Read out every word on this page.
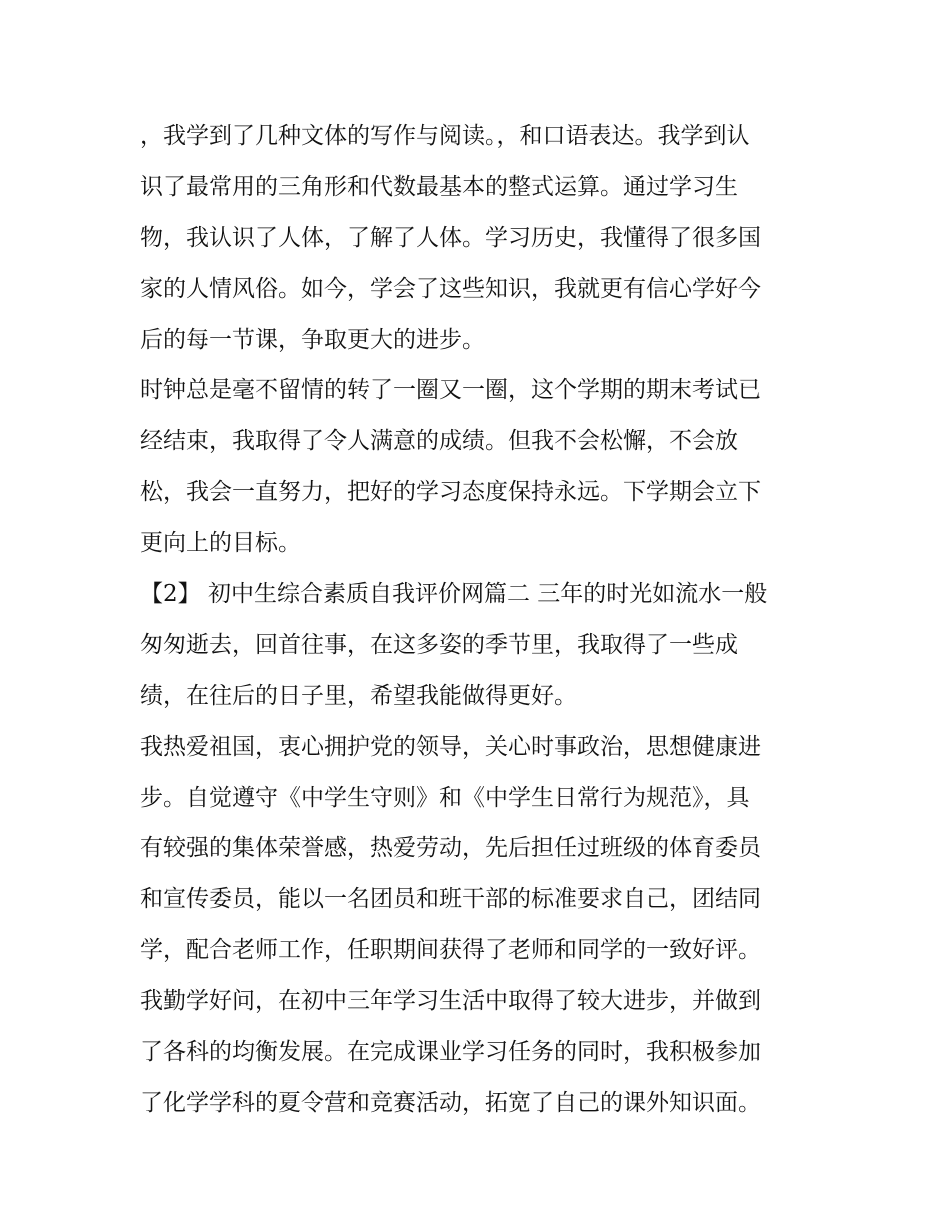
，我学到了几种文体的写作与阅读。，和口语表达。我学到认
识了最常用的三角形和代数最基本的整式运算。通过学习生
物，我认识了人体，了解了人体。学习历史，我懂得了很多国
家的人情风俗。如今，学会了这些知识，我就更有信心学好今
后的每一节课，争取更大的进步。
时钟总是毫不留情的转了一圈又一圈，这个学期的期末考试已
经结束，我取得了令人满意的成绩。但我不会松懈，不会放
松，我会一直努力，把好的学习态度保持永远。下学期会立下
更向上的目标。
【2】 初中生综合素质自我评价网篇二 三年的时光如流水一般
匆匆逝去，回首往事，在这多姿的季节里，我取得了一些成
绩，在往后的日子里，希望我能做得更好。
我热爱祖国，衷心拥护党的领导，关心时事政治，思想健康进
步。自觉遵守《中学生守则》和《中学生日常行为规范》，具
有较强的集体荣誉感，热爱劳动，先后担任过班级的体育委员
和宣传委员，能以一名团员和班干部的标准要求自己，团结同
学，配合老师工作，任职期间获得了老师和同学的一致好评。
我勤学好问，在初中三年学习生活中取得了较大进步，并做到
了各科的均衡发展。在完成课业学习任务的同时，我积极参加
了化学学科的夏令营和竞赛活动，拓宽了自己的课外知识面。
